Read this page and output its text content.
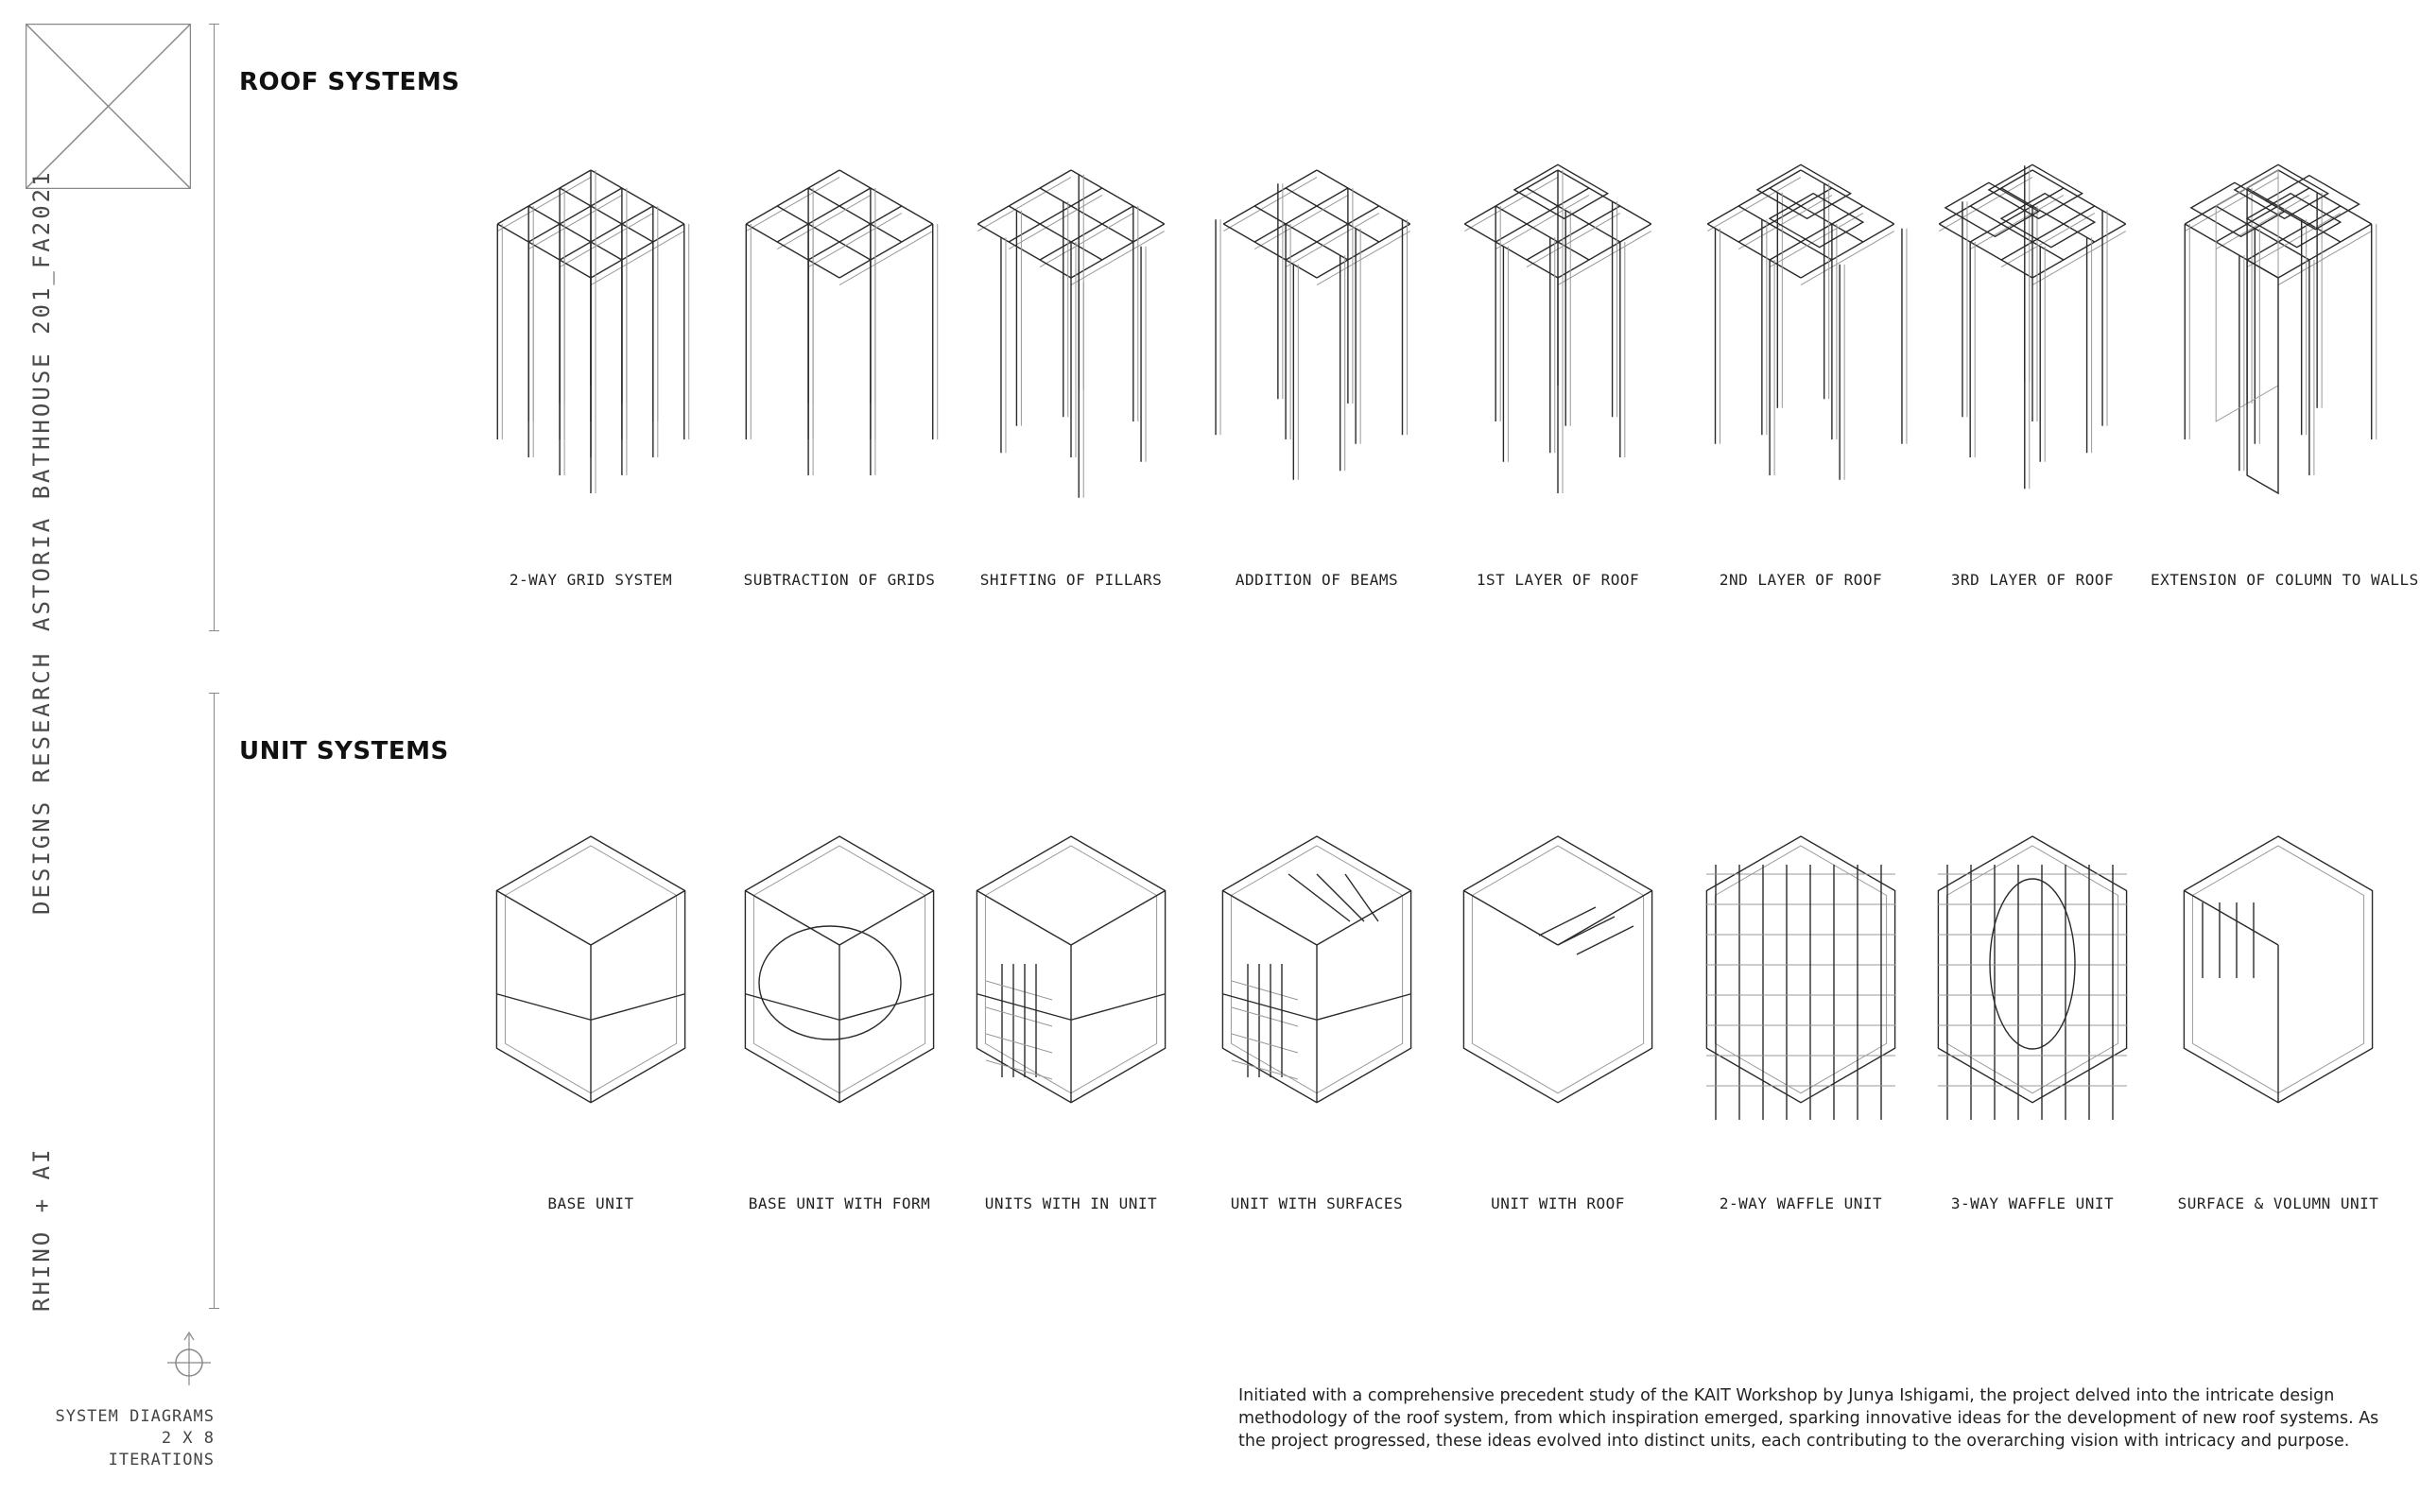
ASTORIA BATHHOUSE 201_FA2021
DESIGNS RESEARCH
RHINO + AI
SYSTEM DIAGRAMS
2 X 8
ITERATIONS
ROOF SYSTEMS
UNIT SYSTEMS
2-WAY GRID SYSTEM	SUBTRACTION OF GRIDS	SHIFTING OF PILLARS	ADDITION OF BEAMS	1ST LAYER OF ROOF	2ND LAYER OF ROOF	3RD LAYER OF ROOF	EXTENSION OF COLUMN TO WALLS
BASE UNIT	BASE UNIT WITH FORM	UNITS WITH IN UNIT	UNIT WITH SURFACES	UNIT WITH ROOF	2-WAY WAFFLE UNIT	3-WAY WAFFLE UNIT	SURFACE & VOLUMN UNIT
Initiated with a comprehensive precedent study of the KAIT Workshop by Junya Ishigami, the project delved into the intricate design methodology of the roof system, from which inspiration emerged, sparking innovative ideas for the development of new roof systems. As the project progressed, these ideas evolved into distinct units, each contributing to the overarching vision with intricacy and purpose.
